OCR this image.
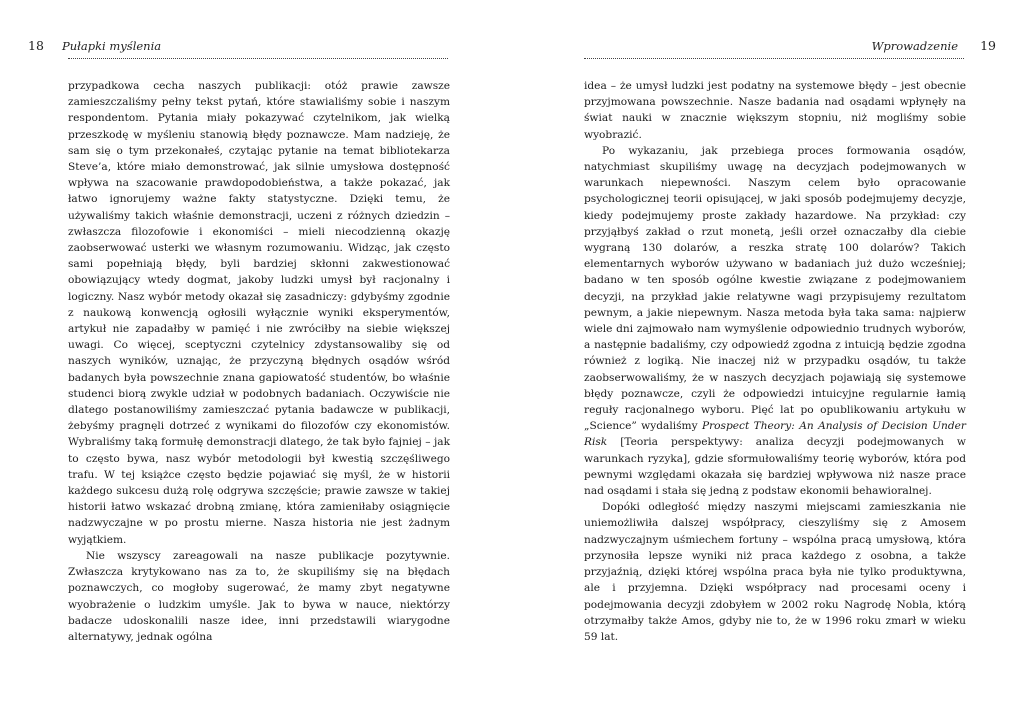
18 Pułapki myślenia

przypadkowa cecha naszych publikacji: otóż prawie zawsze zamieszczaliśmy pełny tekst pytań, które stawialiśmy sobie i naszym respondentom. Pytania miały pokazywać czytelnikom, jak wielką przeszkodę w myśleniu stanowią błędy poznawcze. Mam nadzieję, że sam się o tym przekonałeś, czytając pytanie na temat bibliotekarza Steve’a, które miało demonstrować, jak silnie umysłowa dostępność wpływa na szacowanie prawdopodobieństwa, a także pokazać, jak łatwo ignorujemy ważne fakty statystyczne. Dzięki temu, że używaliśmy takich właśnie demonstracji, uczeni z różnych dziedzin – zwłaszcza filozofowie i ekonomiści – mieli niecodzienną okazję zaobserwować usterki we własnym rozumowaniu. Widząc, jak często sami popełniają błędy, byli bardziej skłonni zakwestionować obowiązujący wtedy dogmat, jakoby ludzki umysł był racjonalny i logiczny. Nasz wybór metody okazał się zasadniczy: gdybyśmy zgodnie z naukową konwencją ogłosili wyłącznie wyniki eksperymentów, artykuł nie zapadałby w pamięć i nie zwróciłby na siebie większej uwagi. Co więcej, sceptyczni czytelnicy zdystansowaliby się od naszych wyników, uznając, że przyczyną błędnych osądów wśród badanych była powszechnie znana gapiowatość studentów, bo właśnie studenci biorą zwykle udział w podobnych badaniach. Oczywiście nie dlatego postanowiliśmy zamieszczać pytania badawcze w publikacji, żebyśmy pragnęli dotrzeć z wynikami do filozofów czy ekonomistów. Wybraliśmy taką formułę demonstracji dlatego, że tak było fajniej – jak to często bywa, nasz wybór metodologii był kwestią szczęśliwego trafu. W tej książce często będzie pojawiać się myśl, że w historii każdego sukcesu dużą rolę odgrywa szczęście; prawie zawsze w takiej historii łatwo wskazać drobną zmianę, która zamieniłaby osiągnięcie nadzwyczajne w po prostu mierne. Nasza historia nie jest żadnym wyjątkiem.

Nie wszyscy zareagowali na nasze publikacje pozytywnie. Zwłaszcza krytykowano nas za to, że skupiliśmy się na błędach poznawczych, co mogłoby sugerować, że mamy zbyt negatywne wyobrażenie o ludzkim umyśle. Jak to bywa w nauce, niektórzy badacze udoskonalili nasze idee, inni przedstawili wiarygodne alternatywy, jednak ogólna

idea – że umysł ludzki jest podatny na systemowe błędy – jest obecnie przyjmowana powszechnie. Nasze badania nad osądami wpłynęły na świat nauki w znacznie większym stopniu, niż mogliśmy sobie wyobrazić.

Po wykazaniu, jak przebiega proces formowania osądów, natychmiast skupiliśmy uwagę na decyzjach podejmowanych w warunkach niepewności. Naszym celem było opracowanie psychologicznej teorii opisującej, w jaki sposób podejmujemy decyzje, kiedy podejmujemy proste zakłady hazardowe. Na przykład: czy przyjąłbyś zakład o rzut monetą, jeśli orzeł oznaczałby dla ciebie wygraną 130 dolarów, a reszka stratę 100 dolarów? Takich elementarnych wyborów używano w badaniach już dużo wcześniej; badano w ten sposób ogólne kwestie związane z podejmowaniem decyzji, na przykład jakie relatywne wagi przypisujemy rezultatom pewnym, a jakie niepewnym. Nasza metoda była taka sama: najpierw wiele dni zajmowało nam wymyślenie odpowiednio trudnych wyborów, a następnie badaliśmy, czy odpowiedź zgodna z intuicją będzie zgodna również z logiką. Nie inaczej niż w przypadku osądów, tu także zaobserwowaliśmy, że w naszych decyzjach pojawiają się systemowe błędy poznawcze, czyli że odpowiedzi intuicyjne regularnie łamią reguły racjonalnego wyboru. Pięć lat po opublikowaniu artykułu w „Science” wydaliśmy Prospect Theory: An Analysis of Decision Under Risk [Teoria perspektywy: analiza decyzji podejmowanych w warunkach ryzyka], gdzie sformułowaliśmy teorię wyborów, która pod pewnymi względami okazała się bardziej wpływowa niż nasze prace nad osądami i stała się jedną z podstaw ekonomii behawioralnej.

Dopóki odległość między naszymi miejscami zamieszkania nie uniemożliwiła dalszej współpracy, cieszyliśmy się z Amosem nadzwyczajnym uśmiechem fortuny – wspólna pracą umysłową, która przynosiła lepsze wyniki niż praca każdego z osobna, a także przyjaźnią, dzięki której wspólna praca była nie tylko produktywna, ale i przyjemna. Dzięki współpracy nad procesami oceny i podejmowania decyzji zdobyłem w 2002 roku Nagrodę Nobla, którą otrzymałby także Amos, gdyby nie to, że w 1996 roku zmarł w wieku 59 lat.

Wprowadzenie 19
